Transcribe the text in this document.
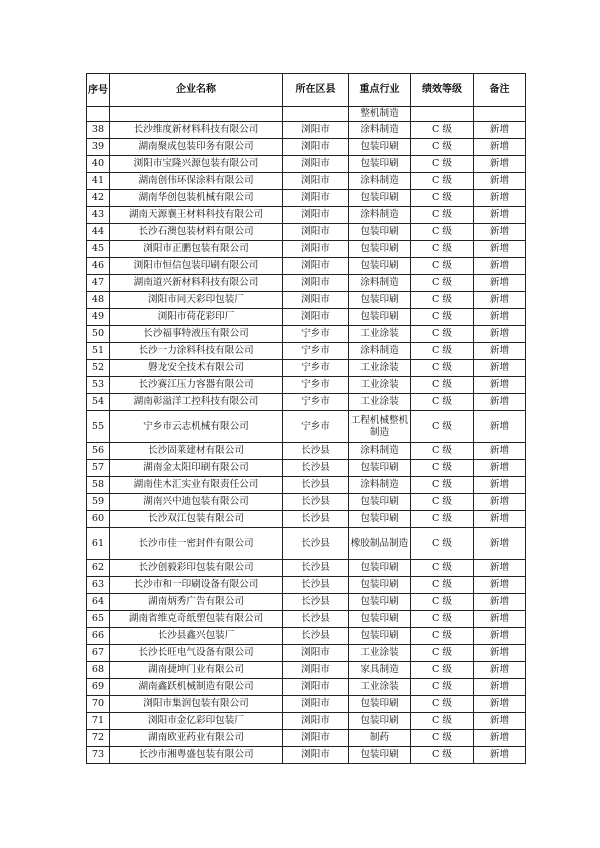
序号	企业名称	所在区县	重点行业	绩效等级	备注
			整机制造		
38	长沙维度新材料科技有限公司	浏阳市	涂料制造	C 级	新增
39	湖南聚成包装印务有限公司	浏阳市	包装印刷	C 级	新增
40	浏阳市宝隆兴源包装有限公司	浏阳市	包装印刷	C 级	新增
41	湖南创伟环保涂料有限公司	浏阳市	涂料制造	C 级	新增
42	湖南华创包装机械有限公司	浏阳市	包装印刷	C 级	新增
43	湖南天源襄王材料科技有限公司	浏阳市	涂料制造	C 级	新增
44	长沙石澳包装材料有限公司	浏阳市	包装印刷	C 级	新增
45	浏阳市正鹏包装有限公司	浏阳市	包装印刷	C 级	新增
46	浏阳市恒信包装印刷有限公司	浏阳市	包装印刷	C 级	新增
47	湖南道兴新材料科技有限公司	浏阳市	涂料制造	C 级	新增
48	浏阳市同天彩印包装厂	浏阳市	包装印刷	C 级	新增
49	浏阳市荷花彩印厂	浏阳市	包装印刷	C 级	新增
50	长沙福事特液压有限公司	宁乡市	工业涂装	C 级	新增
51	长沙一力涂料科技有限公司	宁乡市	涂料制造	C 级	新增
52	磐龙安全技术有限公司	宁乡市	工业涂装	C 级	新增
53	长沙赛江压力容器有限公司	宁乡市	工业涂装	C 级	新增
54	湖南彰溢洋工控科技有限公司	宁乡市	工业涂装	C 级	新增
55	宁乡市云志机械有限公司	宁乡市	工程机械整机制造	C 级	新增
56	长沙固莱建材有限公司	长沙县	涂料制造	C 级	新增
57	湖南金太阳印刷有限公司	长沙县	包装印刷	C 级	新增
58	湖南佳木汇实业有限责任公司	长沙县	涂料制造	C 级	新增
59	湖南兴中迪包装有限公司	长沙县	包装印刷	C 级	新增
60	长沙双江包装有限公司	长沙县	包装印刷	C 级	新增
61	长沙市佳一密封件有限公司	长沙县	橡胶制品制造	C 级	新增
62	长沙创毅彩印包装有限公司	长沙县	包装印刷	C 级	新增
63	长沙市和一印刷设备有限公司	长沙县	包装印刷	C 级	新增
64	湖南炳秀广告有限公司	长沙县	包装印刷	C 级	新增
65	湖南省维克奇纸塑包装有限公司	长沙县	包装印刷	C 级	新增
66	长沙县鑫兴包装厂	长沙县	包装印刷	C 级	新增
67	长沙长旺电气设备有限公司	浏阳市	工业涂装	C 级	新增
68	湖南捷坤门业有限公司	浏阳市	家具制造	C 级	新增
69	湖南鑫跃机械制造有限公司	浏阳市	工业涂装	C 级	新增
70	浏阳市集润包装有限公司	浏阳市	包装印刷	C 级	新增
71	浏阳市金亿彩印包装厂	浏阳市	包装印刷	C 级	新增
72	湖南欧亚药业有限公司	浏阳市	制药	C 级	新增
73	长沙市湘粤盛包装有限公司	浏阳市	包装印刷	C 级	新增
